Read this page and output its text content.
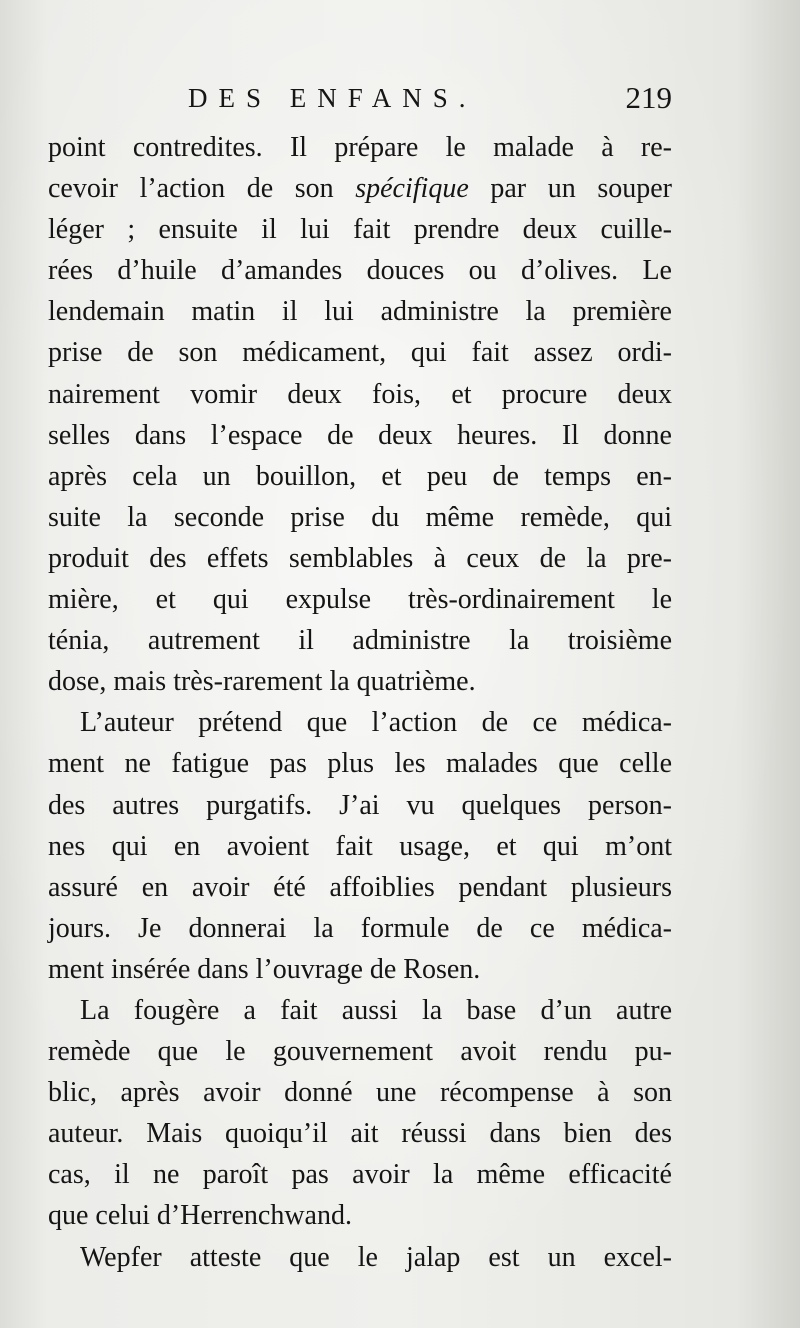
DES ENFANS.	219
point contredites. Il prépare le malade à re-
cevoir l’action de son spécifique par un souper
léger ; ensuite il lui fait prendre deux cuille-
rées d’huile d’amandes douces ou d’olives. Le
lendemain matin il lui administre la première
prise de son médicament, qui fait assez ordi-
nairement vomir deux fois, et procure deux
selles dans l’espace de deux heures. Il donne
après cela un bouillon, et peu de temps en-
suite la seconde prise du même remède, qui
produit des effets semblables à ceux de la pre-
mière, et qui expulse très-ordinairement le
ténia, autrement il administre la troisième
dose, mais très-rarement la quatrième.
L’auteur prétend que l’action de ce médica-
ment ne fatigue pas plus les malades que celle
des autres purgatifs. J’ai vu quelques person-
nes qui en avoient fait usage, et qui m’ont
assuré en avoir été affoiblies pendant plusieurs
jours. Je donnerai la formule de ce médica-
ment insérée dans l’ouvrage de Rosen.
La fougère a fait aussi la base d’un autre
remède que le gouvernement avoit rendu pu-
blic, après avoir donné une récompense à son
auteur. Mais quoiqu’il ait réussi dans bien des
cas, il ne paroît pas avoir la même efficacité
que celui d’Herrenchwand.
Wepfer atteste que le jalap est un excel-
